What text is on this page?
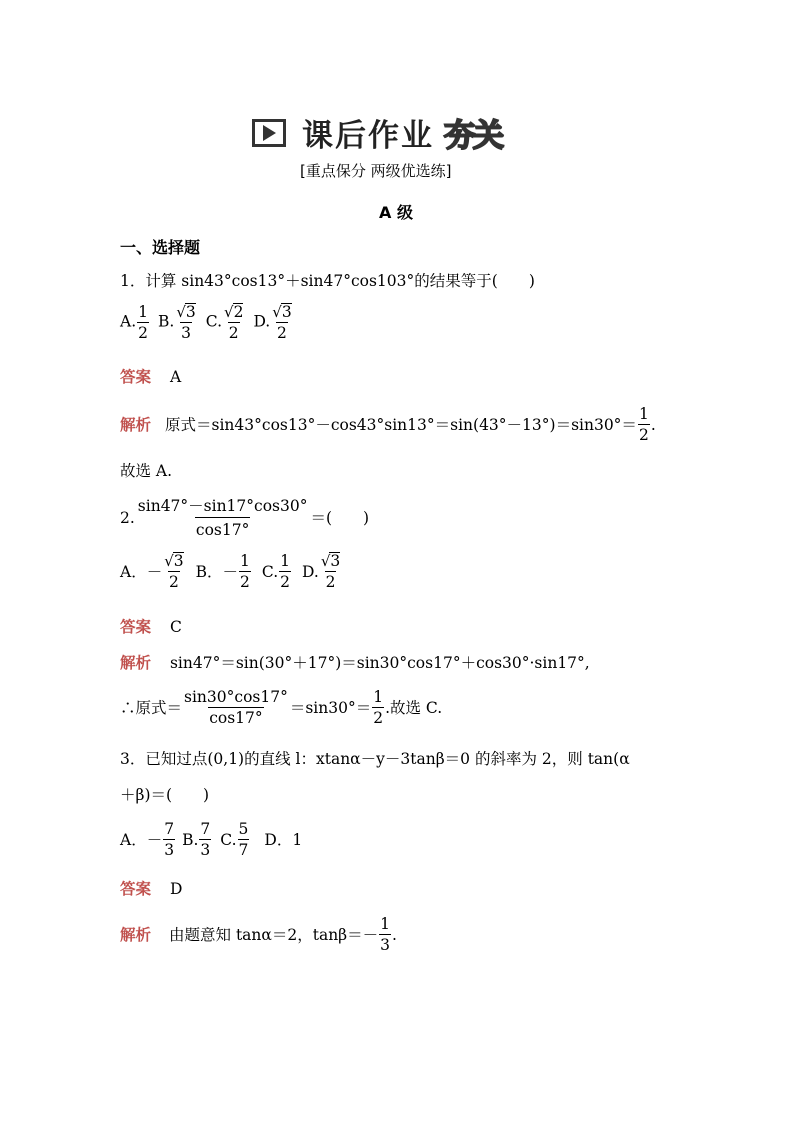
课后作业 夯关
[重点保分 两级优选练]
A 级
一、选择题
1．计算 sin43°cos13°＋sin47°cos103°的结果等于(　　)
A. $\frac{1}{2} B$. $\frac{√ 3}{3} C$. $\frac{√ 2}{2} D$. $\frac{√ 3}{2}$
答案 A
解析 原式$=\sin 43^\circ\cos 13^\circ-\cos 43^\circ\sin 13^\circ=\sin(43^\circ-13^\circ)=\sin 30^\circ= \frac{1}{2}$ .
故选 A.
2. $\frac{\sin 47^\circ-\sin 17^\circ\cos 30^\circ}{\cos 17^\circ}$ ＝(　　)
A．－ $\frac{√ 3}{2}$ B．－ $\frac{1}{2} C$. $\frac{1}{2} D$. $\frac{√ 3}{2}$
答案 C
解析 sin47°＝sin(30°＋17°)＝sin30°cos17°＋cos30°·sin17°,
∴原式＝ $\frac{\sin 30^\circ\cos 17^\circ}{\cos 17^\circ} =\sin 30^\circ= \frac{1}{2}$ .故选 C.
3．已知过点(0,1)的直线 l：xtanα－y－3tanβ＝0 的斜率为 2，则 tan(α
＋β)＝(　　)
A．－ $\frac{7}{3} B$. $\frac{7}{3} C$. $\frac{5}{7}$ D．1
答案 D
解析 由题意知 tanα＝2，$\tan\beta=- \frac{1}{3}$ .
